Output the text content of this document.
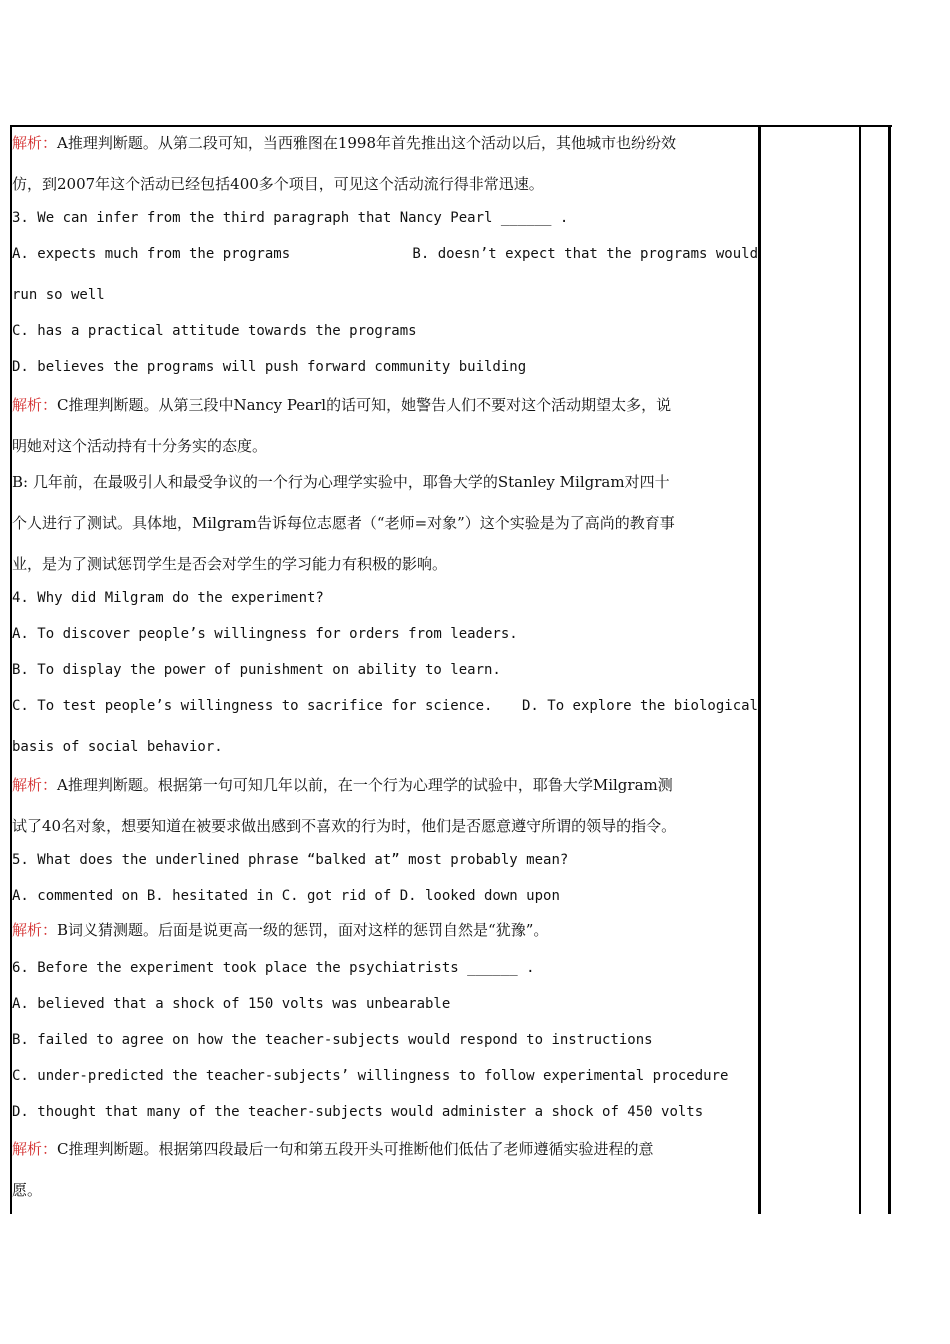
解析：A推理判断题。从第二段可知，当西雅图在1998年首先推出这个活动以后，其他城市也纷纷效
仿，到2007年这个活动已经包括400多个项目，可见这个活动流行得非常迅速。
3. We can infer from the third paragraph that Nancy Pearl ______ .
A. expects much from the programs	B. doesn’t expect that the programs would
run so well
C. has a practical attitude towards the programs
D. believes the programs will push forward community building
解析：C推理判断题。从第三段中Nancy Pearl的话可知，她警告人们不要对这个活动期望太多，说
明她对这个活动持有十分务实的态度。
B: 几年前，在最吸引人和最受争议的一个行为心理学实验中，耶鲁大学的Stanley Milgram对四十
个人进行了测试。具体地，Milgram告诉每位志愿者（“老师=对象”）这个实验是为了高尚的教育事
业，是为了测试惩罚学生是否会对学生的学习能力有积极的影响。
4. Why did Milgram do the experiment?
A. To discover people’s willingness for orders from leaders.
B. To display the power of punishment on ability to learn.
C. To test people’s willingness to sacrifice for science. D. To explore the biological
basis of social behavior.
解析：A推理判断题。根据第一句可知几年以前，在一个行为心理学的试验中，耶鲁大学Milgram测
试了40名对象，想要知道在被要求做出感到不喜欢的行为时，他们是否愿意遵守所谓的领导的指令。
5. What does the underlined phrase “balked at” most probably mean?
A. commented on B. hesitated in C. got rid of D. looked down upon
解析：B词义猜测题。后面是说更高一级的惩罚，面对这样的惩罚自然是“犹豫”。
6. Before the experiment took place the psychiatrists ______ .
A. believed that a shock of 150 volts was unbearable
B. failed to agree on how the teacher-subjects would respond to instructions
C. under-predicted the teacher-subjects’ willingness to follow experimental procedure
D. thought that many of the teacher-subjects would administer a shock of 450 volts
解析：C推理判断题。根据第四段最后一句和第五段开头可推断他们低估了老师遵循实验进程的意
愿。
